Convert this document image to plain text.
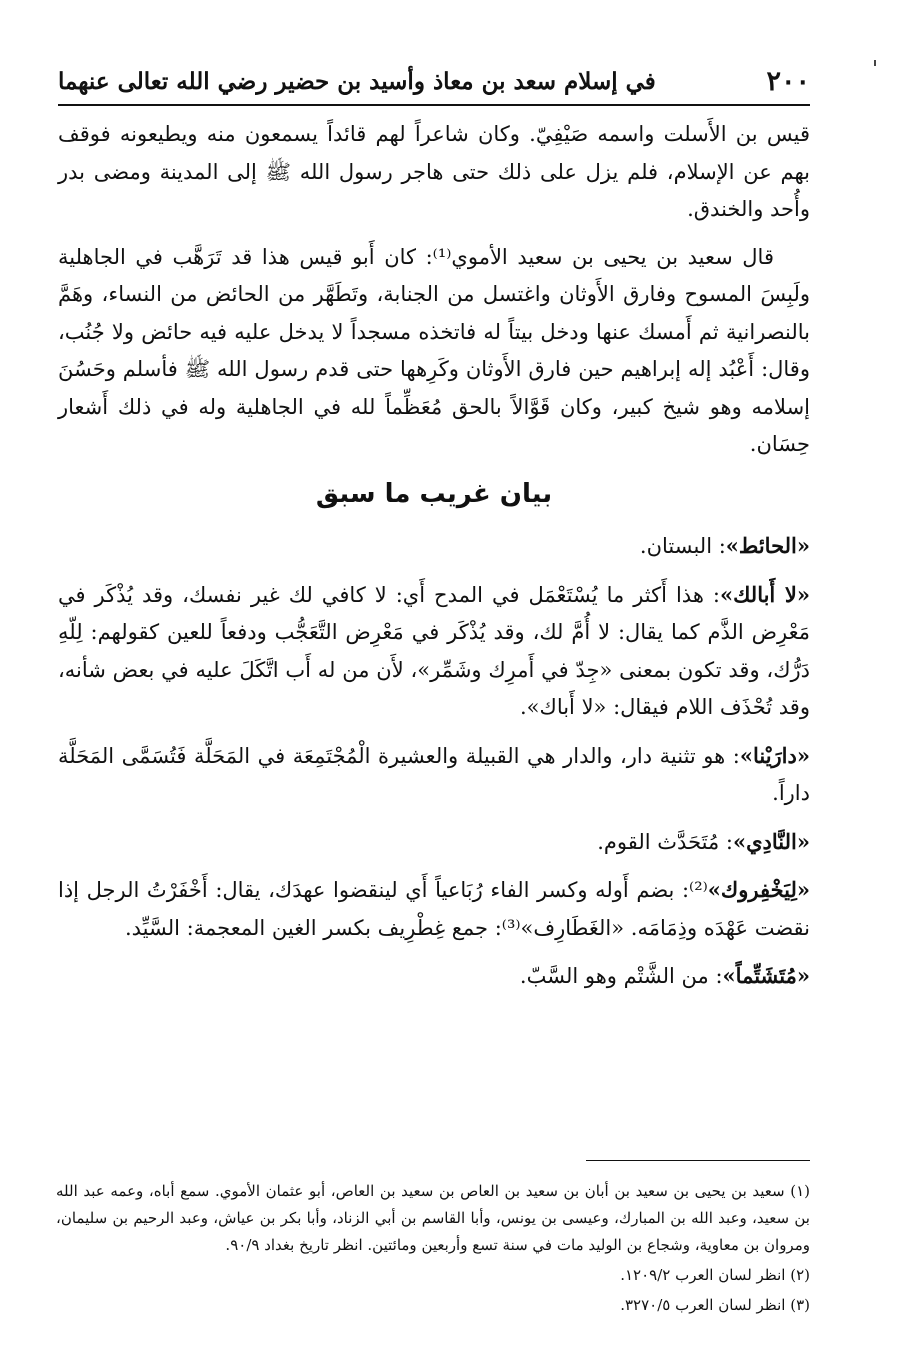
٢٠٠
في إسلام سعد بن معاذ وأسيد بن حضير رضي الله تعالى عنهما

قيس بن الأَسلت واسمه صَيْفِيّ. وكان شاعراً لهم قائداً يسمعون منه ويطيعونه فوقف بهم عن الإسلام، فلم يزل على ذلك حتى هاجر رسول الله ﷺ إلى المدينة ومضى بدر وأُحد والخندق.

قال سعيد بن يحيى بن سعيد الأموي⁽¹⁾: كان أَبو قيس هذا قد تَرَهَّب في الجاهلية ولَبِسَ المسوح وفارق الأَوثان واغتسل من الجنابة، وتَطَهَّر من الحائض من النساء، وهَمَّ بالنصرانية ثم أَمسك عنها ودخل بيتاً له فاتخذه مسجداً لا يدخل عليه فيه حائض ولا جُنُب، وقال: أَعْبُد إله إبراهيم حين فارق الأَوثان وكَرِهها حتى قدم رسول الله ﷺ فأسلم وحَسُنَ إسلامه وهو شيخ كبير، وكان قَوَّالاً بالحق مُعَظِّماً لله في الجاهلية وله في ذلك أَشعار حِسَان.

بيان غريب ما سبق

«الحائط»: البستان.

«لا أَبالك»: هذا أَكثر ما يُسْتَعْمَل في المدح أَي: لا كافي لك غير نفسك، وقد يُذْكَر في مَعْرِض الذَّم كما يقال: لا أُمَّ لك، وقد يُذْكَر في مَعْرِض التَّعَجُّب ودفعاً للعين كقولهم: لِلّهِ دَرُّك، وقد تكون بمعنى «جِدّ في أَمرِك وشَمِّر»، لأَن من له أَب اتَّكَلَ عليه في بعض شأنه، وقد تُحْذَف اللام فيقال: «لا أَباك».

«دارَيْنا»: هو تثنية دار، والدار هي القبيلة والعشيرة الْمُجْتَمِعَة في المَحَلَّة فَتُسَمَّى المَحَلَّة داراً.

«النَّادِي»: مُتَحَدَّث القوم.

«لِيَخْفِروك»⁽²⁾: بضم أَوله وكسر الفاء رُبَاعياً أَي لينقضوا عهدَك، يقال: أَخْفَرْتُ الرجل إذا نقضت عَهْدَه وذِمَامَه. «الغَطَارِف»⁽³⁾: جمع غِطْرِيف بكسر الغين المعجمة: السَّيِّد.

«مُتَشَتِّماً»: من الشَّتْم وهو السَّبّ.

(١) سعيد بن يحيى بن سعيد بن أبان بن سعيد بن العاص بن سعيد بن العاص، أبو عثمان الأموي. سمع أباه، وعمه عبد الله بن سعيد، وعبد الله بن المبارك، وعيسى بن يونس، وأبا القاسم بن أبي الزناد، وأبا بكر بن عياش، وعبد الرحيم بن سليمان، ومروان بن معاوية، وشجاع بن الوليد مات في سنة تسع وأربعين ومائتين. انظر تاريخ بغداد ٩٠/٩.

(٢) انظر لسان العرب ١٢٠٩/٢.

(٣) انظر لسان العرب ٣٢٧٠/٥.
